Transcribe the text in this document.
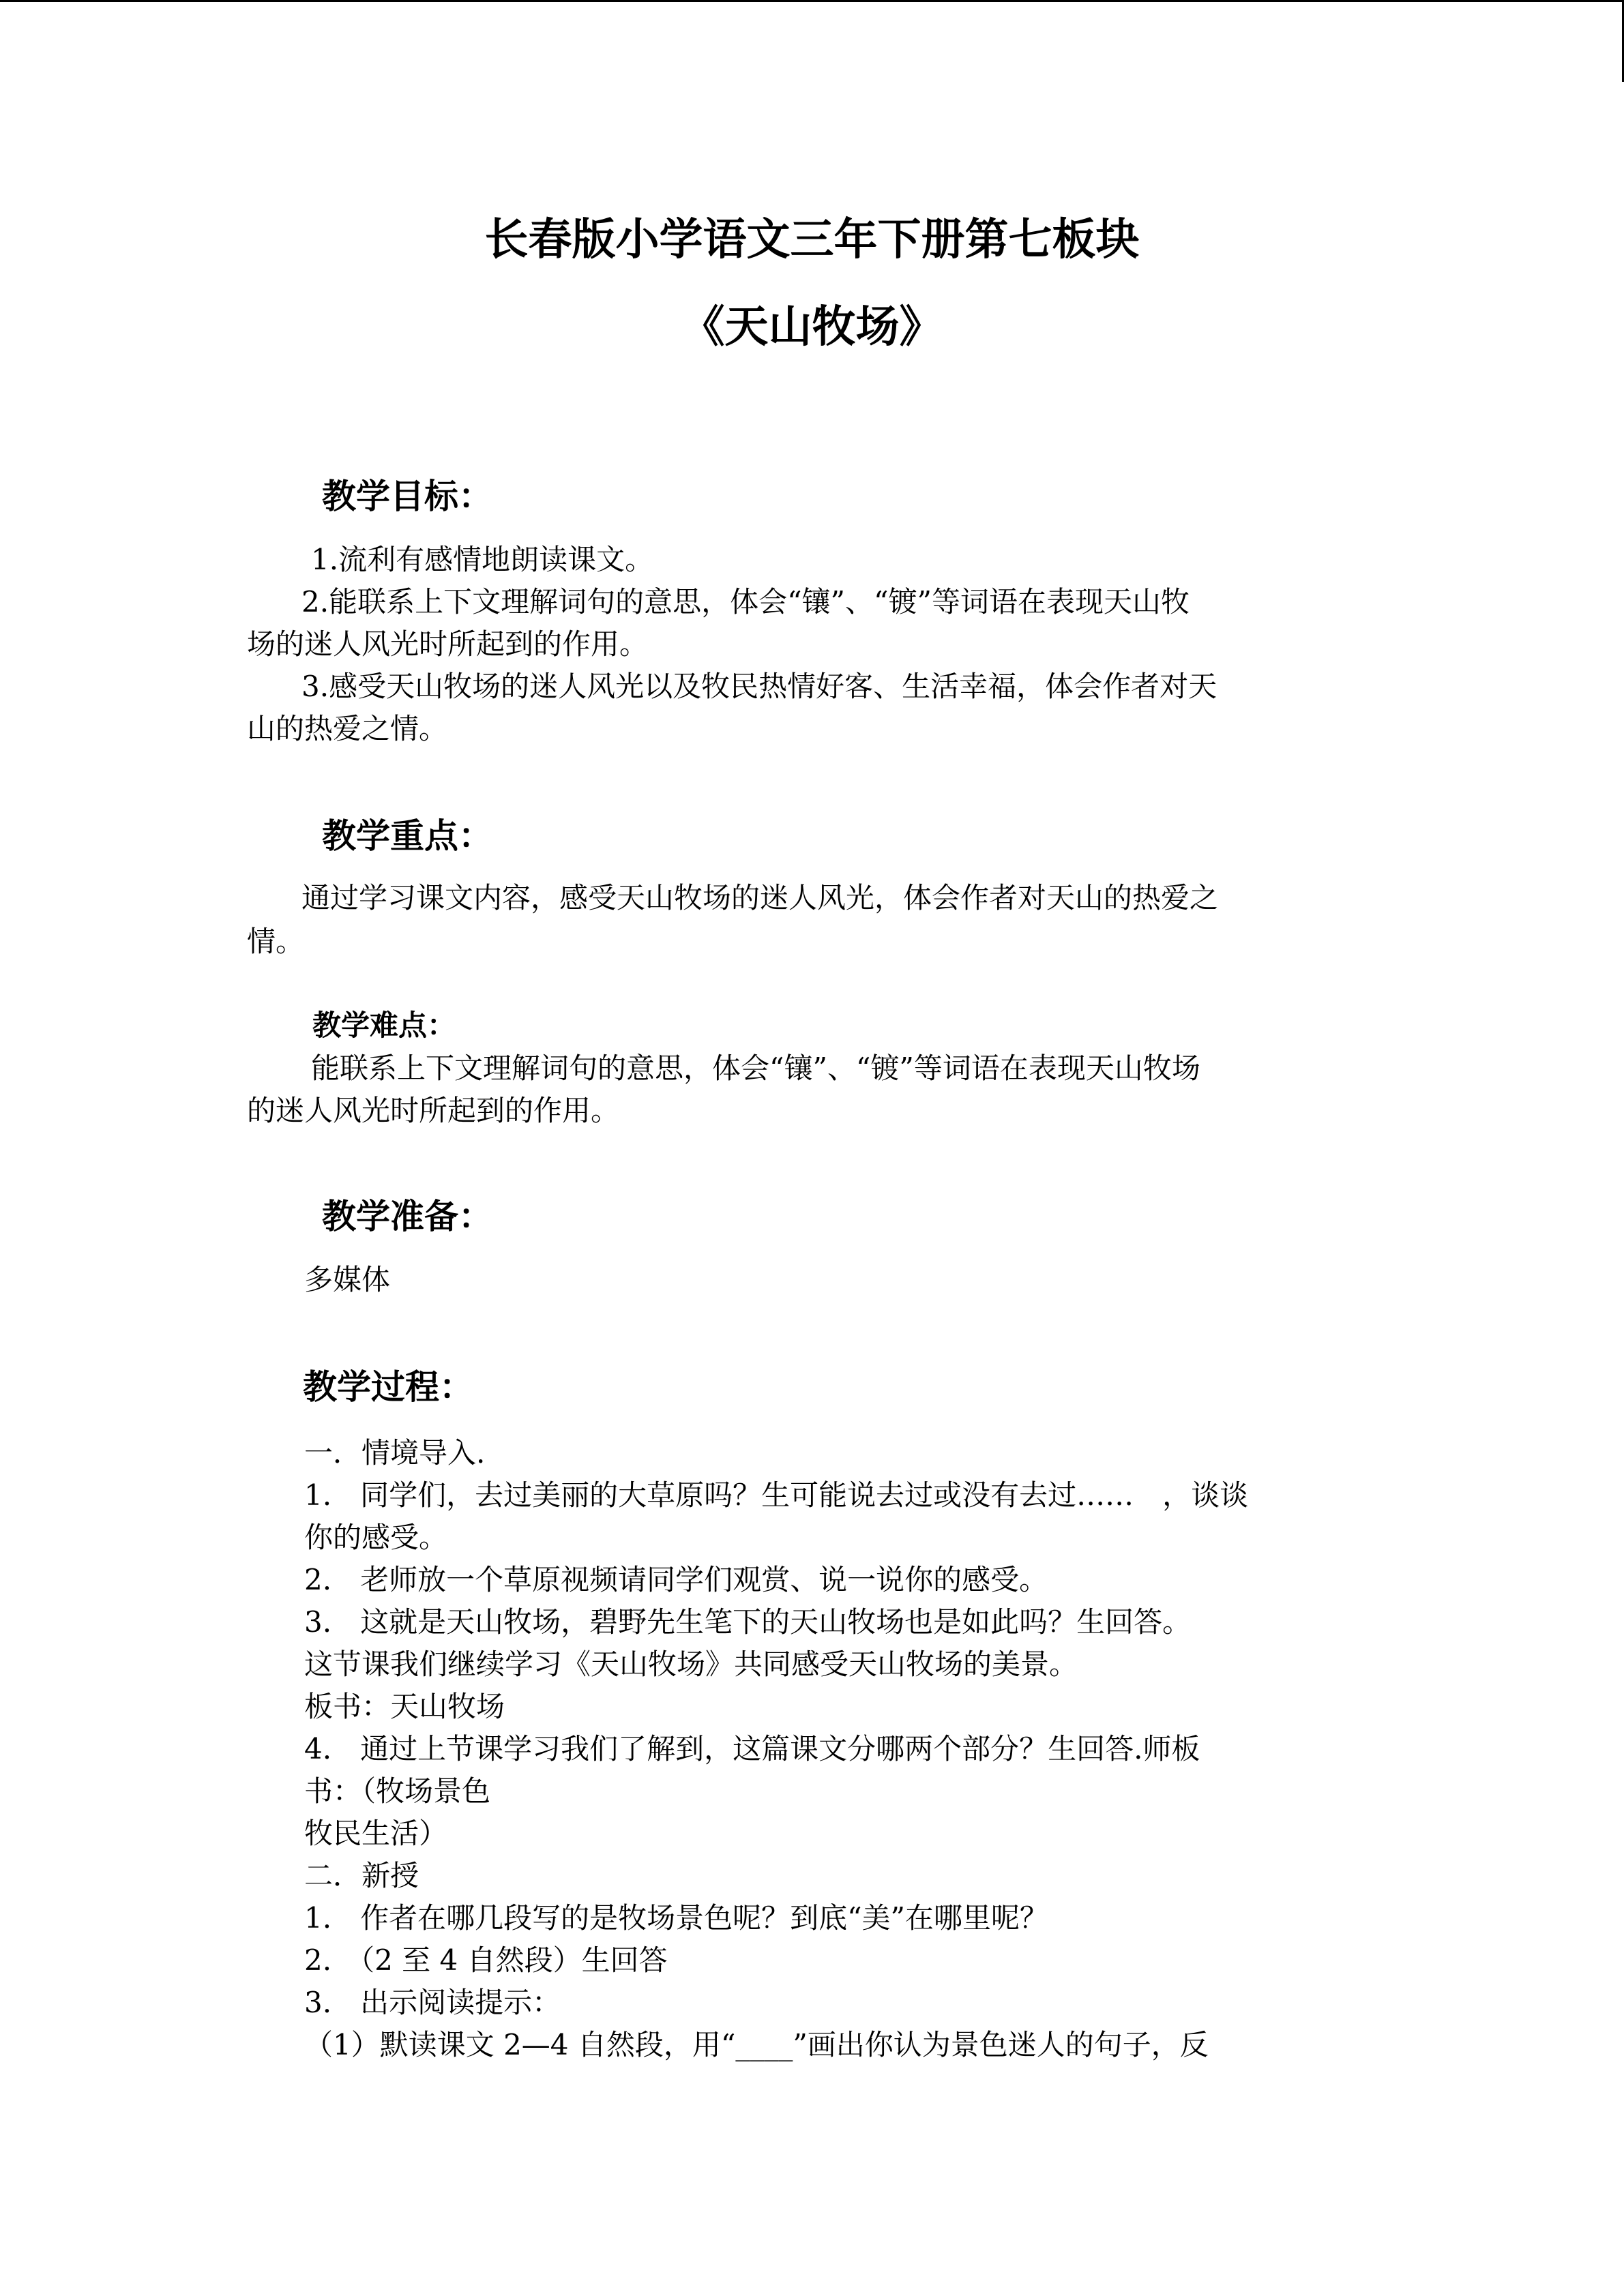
长春版小学语文三年下册第七板块
《天山牧场》
教学目标：
1.流利有感情地朗读课文。
2.能联系上下文理解词句的意思，体会“镶”、“镀”等词语在表现天山牧
场的迷人风光时所起到的作用。
3.感受天山牧场的迷人风光以及牧民热情好客、生活幸福，体会作者对天
山的热爱之情。
教学重点：
通过学习课文内容，感受天山牧场的迷人风光，体会作者对天山的热爱之
情。
教学难点：
能联系上下文理解词句的意思，体会“镶”、“镀”等词语在表现天山牧场
的迷人风光时所起到的作用。
教学准备：
多媒体
教学过程：
一．情境导入.
1.　同学们，去过美丽的大草原吗？生可能说去过或没有去过……　，谈谈
你的感受。
2.　老师放一个草原视频请同学们观赏、说一说你的感受。
3.　这就是天山牧场，碧野先生笔下的天山牧场也是如此吗？生回答。
这节课我们继续学习《天山牧场》共同感受天山牧场的美景。
板书：天山牧场
4.　通过上节课学习我们了解到，这篇课文分哪两个部分？生回答.师板
书：（牧场景色
牧民生活）
二．新授
1.　作者在哪几段写的是牧场景色呢？到底“美”在哪里呢？
2.　（2 至 4 自然段）生回答
3.　出示阅读提示：
（1）默读课文 2—4 自然段，用“____”画出你认为景色迷人的句子，反
